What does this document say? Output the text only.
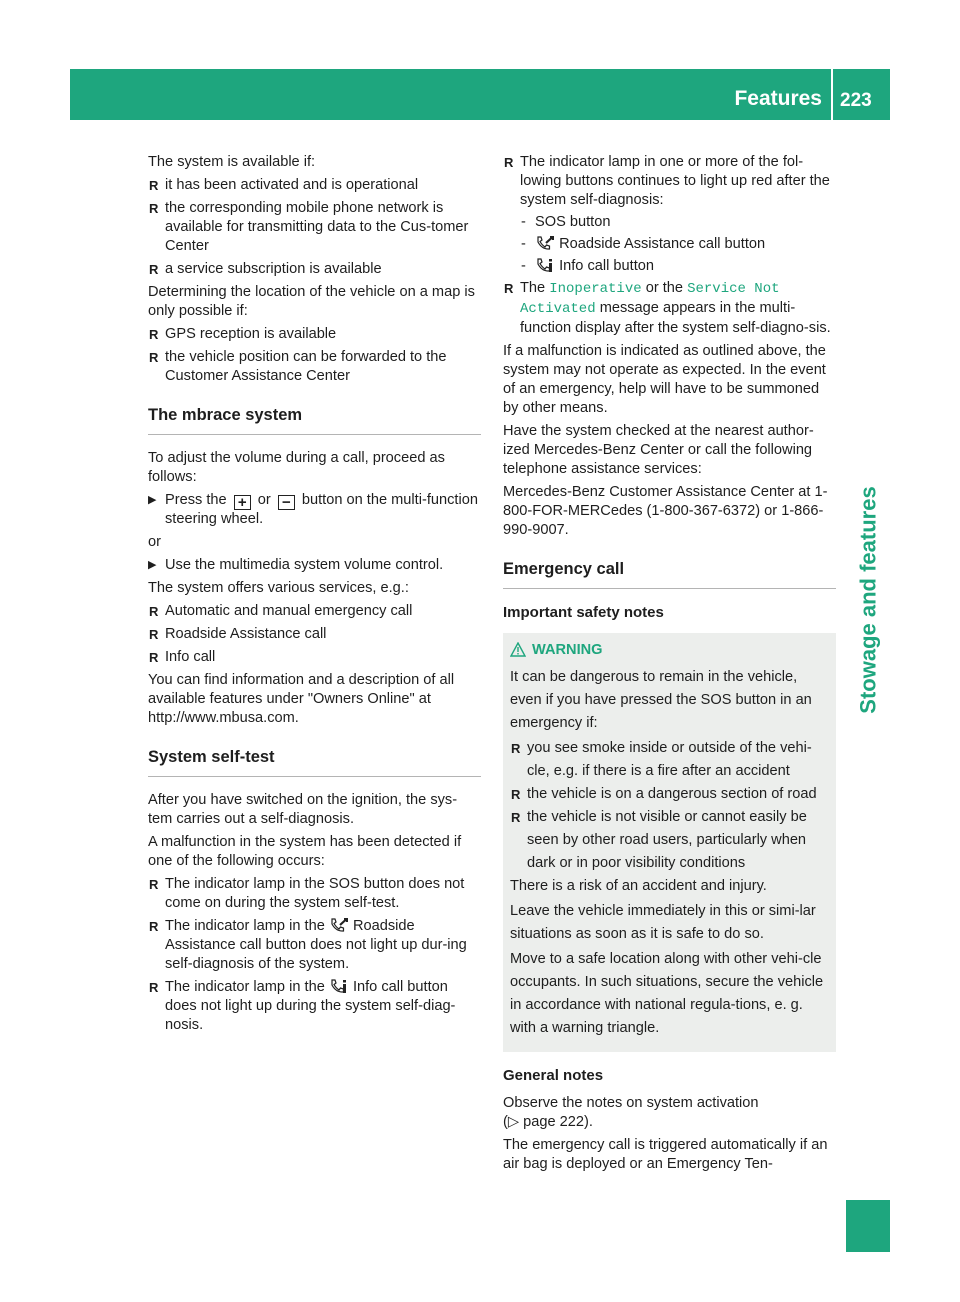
Features 223
Stowage and features

The system is available if:

R it has been activated and is operational
R the corresponding mobile phone network is available for transmitting data to the Cus-tomer Center
R a service subscription is available

Determining the location of the vehicle on a map is only possible if:

R GPS reception is available
R the vehicle position can be forwarded to the Customer Assistance Center
The mbrace system

To adjust the volume during a call, proceed as follows:

▶ Press the + or − button on the multi-function steering wheel.

or

▶ Use the multimedia system volume control.

The system offers various services, e.g.:

R Automatic and manual emergency call
R Roadside Assistance call
R Info call

You can find information and a description of all available features under "Owners Online" at http://www.mbusa.com.

System self-test

After you have switched on the ignition, the sys-tem carries out a self-diagnosis.

A malfunction in the system has been detected if one of the following occurs:

R The indicator lamp in the SOS button does not come on during the system self-test.
R The indicator lamp in the Roadside Assistance call button does not light up dur-ing self-diagnosis of the system.
R The indicator lamp in the Info call button does not light up during the system self-diag-nosis.
R The indicator lamp in one or more of the fol-lowing buttons continues to light up red after the system self-diagnosis:
- SOS button
- Roadside Assistance call button
- Info call button
R The Inoperative or the Service Not Activated message appears in the multi-function display after the system self-diagno-sis.

If a malfunction is indicated as outlined above, the system may not operate as expected. In the event of an emergency, help will have to be summoned by other means.

Have the system checked at the nearest author-ized Mercedes-Benz Center or call the following telephone assistance services:

Mercedes-Benz Customer Assistance Center at 1-800-FOR-MERCedes (1-800-367-6372) or 1-866-990-9007.

Emergency call
Important safety notes
WARNING

It can be dangerous to remain in the vehicle, even if you have pressed the SOS button in an emergency if:

R you see smoke inside or outside of the vehi-cle, e.g. if there is a fire after an accident
R the vehicle is on a dangerous section of road
R the vehicle is not visible or cannot easily be seen by other road users, particularly when dark or in poor visibility conditions

There is a risk of an accident and injury.

Leave the vehicle immediately in this or simi-lar situations as soon as it is safe to do so.

Move to a safe location along with other vehi-cle occupants. In such situations, secure the vehicle in accordance with national regula-tions, e. g. with a warning triangle.

General notes

Observe the notes on system activation

(▷ page 222).

The emergency call is triggered automatically if an air bag is deployed or an Emergency Ten-
